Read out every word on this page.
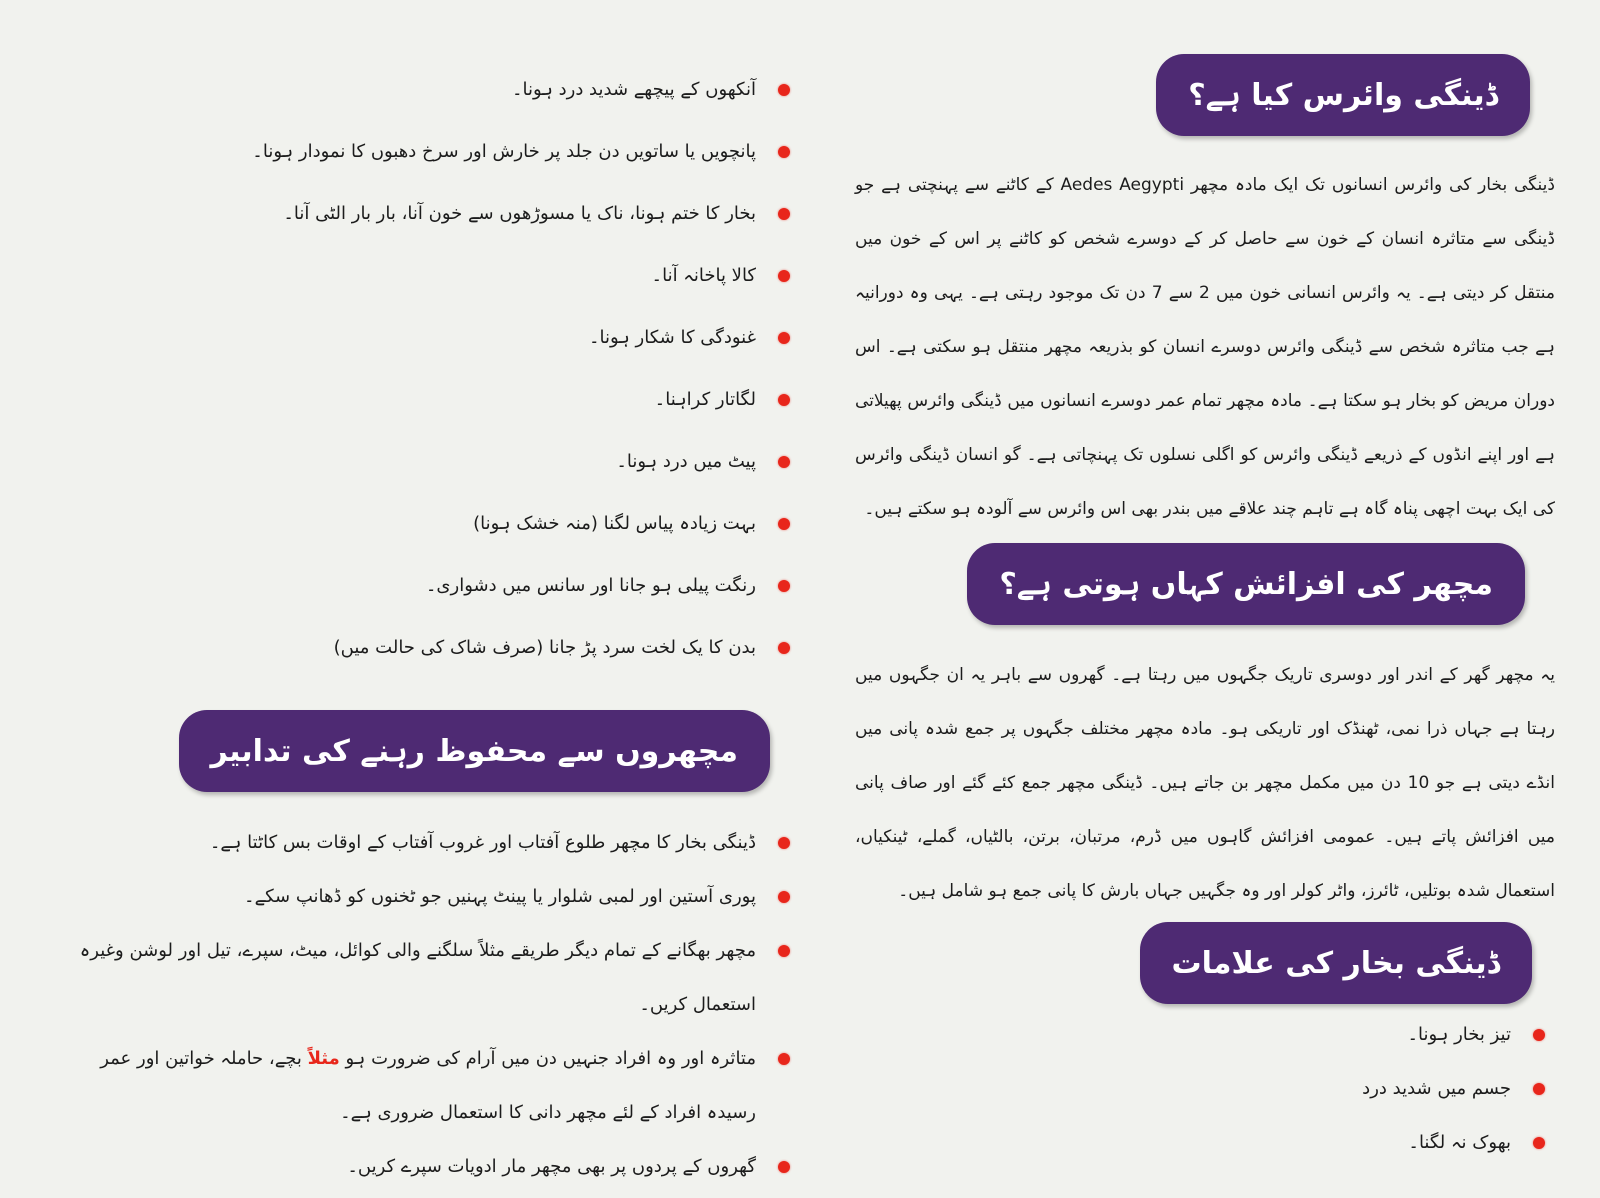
ڈینگی وائرس کیا ہے؟

ڈینگی بخار کی وائرس انسانوں تک ایک مادہ مچھر Aedes Aegypti کے کاٹنے سے پہنچتی ہے جو ڈینگی سے متاثرہ انسان کے خون سے حاصل کر کے دوسرے شخص کو کاٹنے پر اس کے خون میں منتقل کر دیتی ہے۔ یہ وائرس انسانی خون میں 2 سے 7 دن تک موجود رہتی ہے۔ یہی وہ دورانیہ ہے جب متاثرہ شخص سے ڈینگی وائرس دوسرے انسان کو بذریعہ مچھر منتقل ہو سکتی ہے۔ اس دوران مریض کو بخار ہو سکتا ہے۔ مادہ مچھر تمام عمر دوسرے انسانوں میں ڈینگی وائرس پھیلاتی ہے اور اپنے انڈوں کے ذریعے ڈینگی وائرس کو اگلی نسلوں تک پہنچاتی ہے۔ گو انسان ڈینگی وائرس کی ایک بہت اچھی پناہ گاہ ہے تاہم چند علاقے میں بندر بھی اس وائرس سے آلودہ ہو سکتے ہیں۔

مچھر کی افزائش کہاں ہوتی ہے؟

یہ مچھر گھر کے اندر اور دوسری تاریک جگہوں میں رہتا ہے۔ گھروں سے باہر یہ ان جگہوں میں رہتا ہے جہاں ذرا نمی، ٹھنڈک اور تاریکی ہو۔ مادہ مچھر مختلف جگہوں پر جمع شدہ پانی میں انڈے دیتی ہے جو 10 دن میں مکمل مچھر بن جاتے ہیں۔ ڈینگی مچھر جمع کئے گئے اور صاف پانی میں افزائش پاتے ہیں۔ عمومی افزائش گاہوں میں ڈرم، مرتبان، برتن، بالٹیاں، گملے، ٹینکیاں، استعمال شدہ بوتلیں، ٹائرز، واٹر کولر اور وہ جگہیں جہاں بارش کا پانی جمع ہو شامل ہیں۔

ڈینگی بخار کی علامات
تیز بخار ہونا۔
جسم میں شدید درد
بھوک نہ لگنا۔
آنکھوں کے پیچھے شدید درد ہونا۔
پانچویں یا ساتویں دن جلد پر خارش اور سرخ دھبوں کا نمودار ہونا۔
بخار کا ختم ہونا، ناک یا مسوڑھوں سے خون آنا، بار بار الٹی آنا۔
کالا پاخانہ آنا۔
غنودگی کا شکار ہونا۔
لگاتار کراہنا۔
پیٹ میں درد ہونا۔
بہت زیادہ پیاس لگنا (منہ خشک ہونا)
رنگت پیلی ہو جانا اور سانس میں دشواری۔
بدن کا یک لخت سرد پڑ جانا (صرف شاک کی حالت میں)
مچھروں سے محفوظ رہنے کی تدابیر
ڈینگی بخار کا مچھر طلوع آفتاب اور غروب آفتاب کے اوقات بس کاٹتا ہے۔
پوری آستین اور لمبی شلوار یا پینٹ پہنیں جو ٹخنوں کو ڈھانپ سکے۔
مچھر بھگانے کے تمام دیگر طریقے مثلاً سلگنے والی کوائل، میٹ، سپرے، تیل اور لوشن وغیرہ استعمال کریں۔
متاثرہ اور وہ افراد جنہیں دن میں آرام کی ضرورت ہو مثلاً بچے، حاملہ خواتین اور عمر رسیدہ افراد کے لئے مچھر دانی کا استعمال ضروری ہے۔
گھروں کے پردوں پر بھی مچھر مار ادویات سپرے کریں۔
